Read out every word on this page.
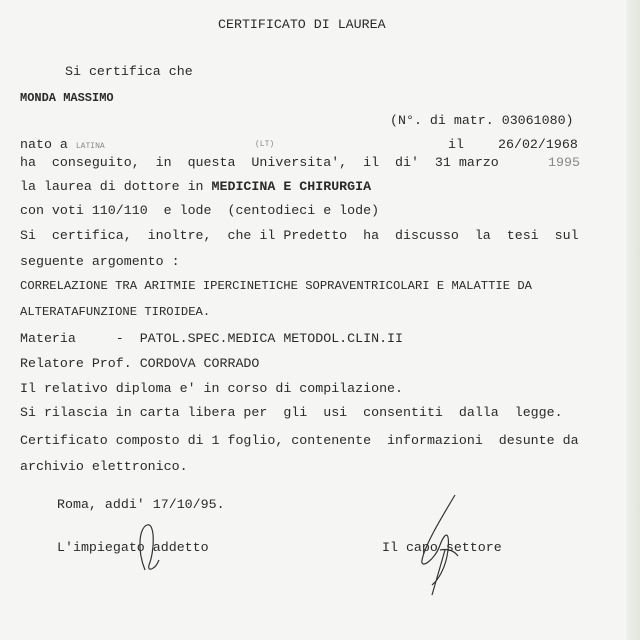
CERTIFICATO DI LAUREA
Si certifica che
MONDA MASSIMO
(N°. di matr. 03061080)
nato a LATINA	(LT)	il	26/02/1968
ha  conseguito,  in  questa  Universita',  il  di'  31 marzo	1995
la laurea di dottore in MEDICINA E CHIRURGIA
con voti 110/110  e lode  (centodieci e lode)
Si  certifica,  inoltre,  che il Predetto  ha  discusso  la  tesi  sul
seguente argomento :
CORRELAZIONE TRA ARITMIE IPERCINETICHE SOPRAVENTRICOLARI E MALATTIE DA
ALTERATAFUNZIONE TIROIDEA.
Materia     -  PATOL.SPEC.MEDICA METODOL.CLIN.II
Relatore Prof. CORDOVA CORRADO
Il relativo diploma e' in corso di compilazione.
Si rilascia in carta libera per  gli  usi  consentiti  dalla  legge.
Certificato composto di 1 foglio, contenente  informazioni  desunte da
archivio elettronico.
Roma, addi' 17/10/95.
L'impiegato addetto	Il capo settore
